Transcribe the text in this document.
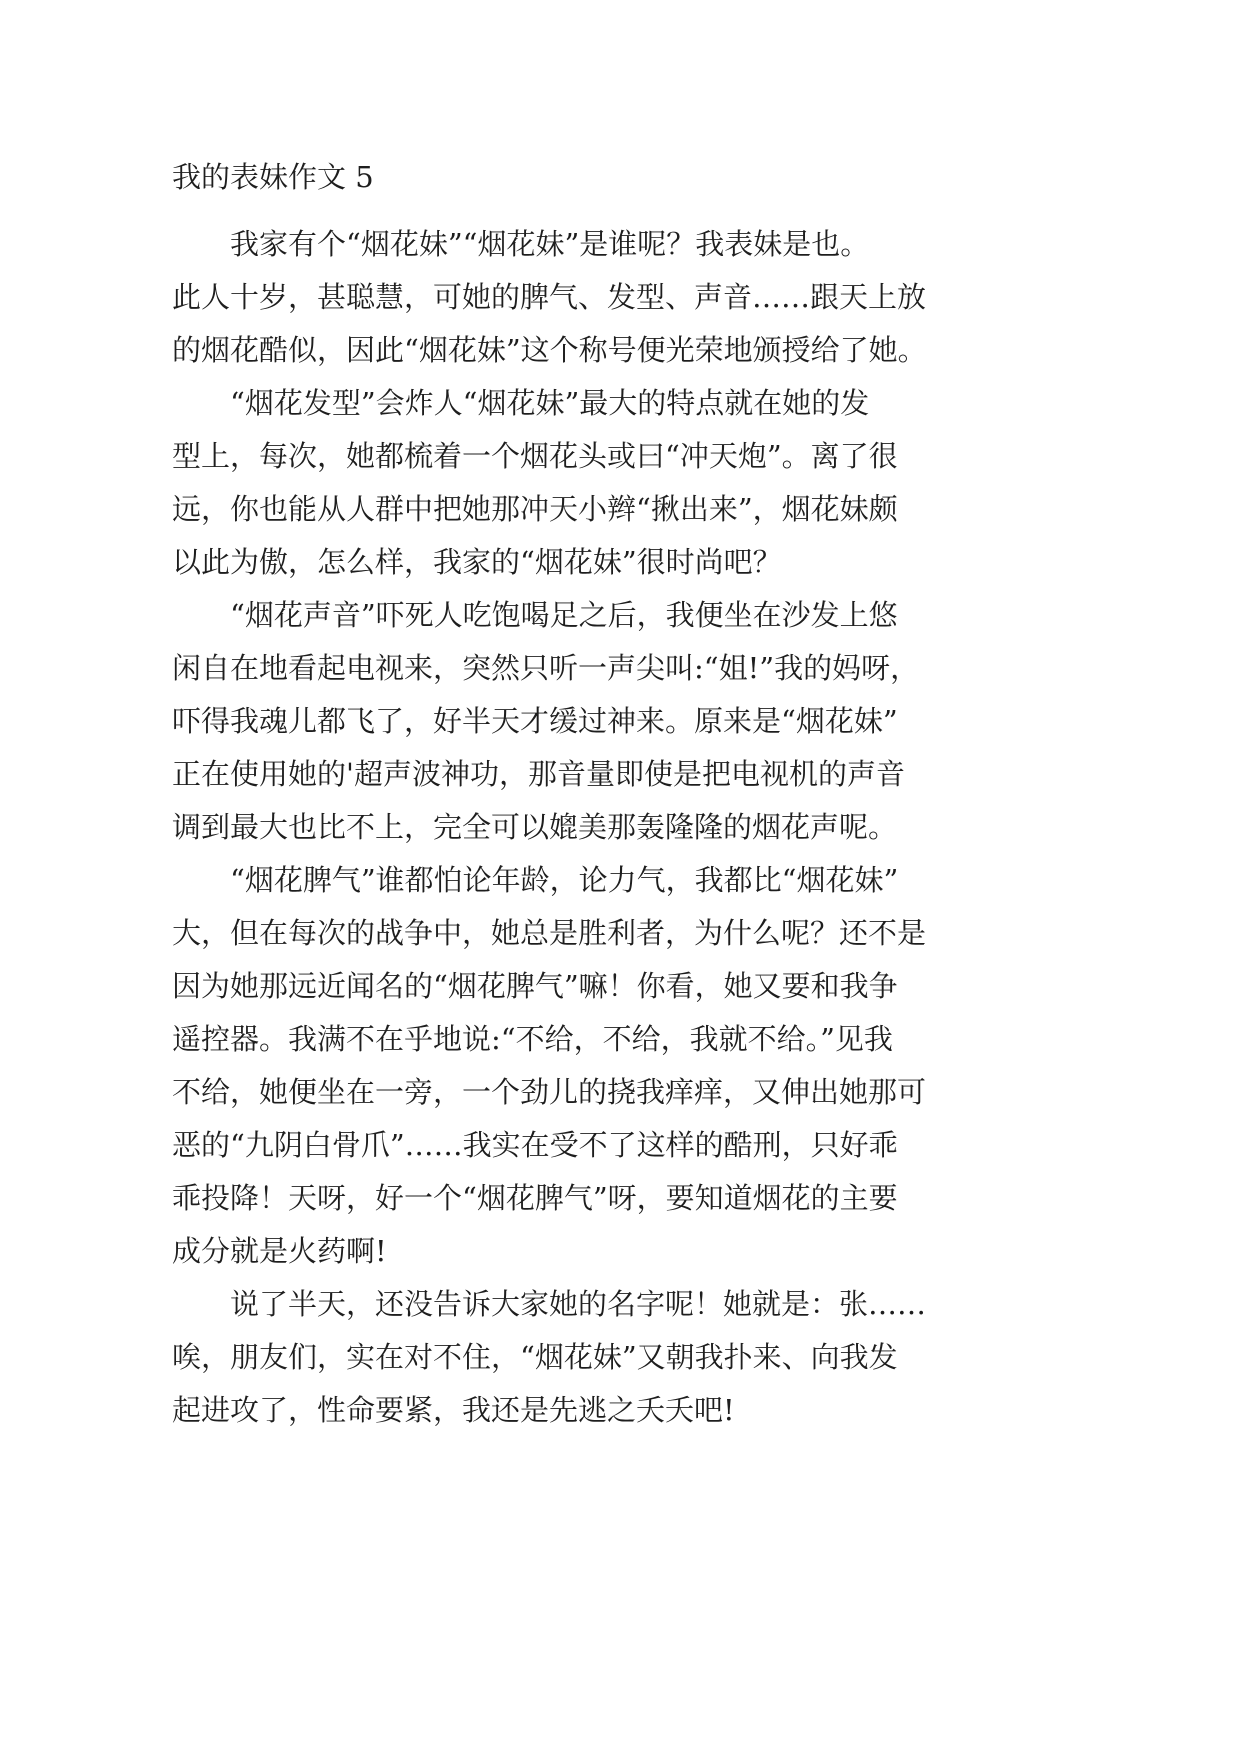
我的表妹作文 5
我家有个“烟花妹”“烟花妹”是谁呢？我表妹是也。
此人十岁，甚聪慧，可她的脾气、发型、声音……跟天上放
的烟花酷似，因此“烟花妹”这个称号便光荣地颁授给了她。
“烟花发型”会炸人“烟花妹”最大的特点就在她的发
型上，每次，她都梳着一个烟花头或曰“冲天炮”。离了很
远，你也能从人群中把她那冲天小辫“揪出来”，烟花妹颇
以此为傲，怎么样，我家的“烟花妹”很时尚吧？
“烟花声音”吓死人吃饱喝足之后，我便坐在沙发上悠
闲自在地看起电视来，突然只听一声尖叫:“姐!”我的妈呀，
吓得我魂儿都飞了，好半天才缓过神来。原来是“烟花妹”
正在使用她的'超声波神功，那音量即使是把电视机的声音
调到最大也比不上，完全可以媲美那轰隆隆的烟花声呢。
“烟花脾气”谁都怕论年龄，论力气，我都比“烟花妹”
大，但在每次的战争中，她总是胜利者，为什么呢？还不是
因为她那远近闻名的“烟花脾气”嘛！你看，她又要和我争
遥控器。我满不在乎地说:“不给，不给，我就不给。”见我
不给，她便坐在一旁，一个劲儿的挠我痒痒，又伸出她那可
恶的“九阴白骨爪”……我实在受不了这样的酷刑，只好乖
乖投降！天呀，好一个“烟花脾气”呀，要知道烟花的主要
成分就是火药啊!
说了半天，还没告诉大家她的名字呢！她就是：张……
唉，朋友们，实在对不住，“烟花妹”又朝我扑来、向我发
起进攻了，性命要紧，我还是先逃之夭夭吧!
